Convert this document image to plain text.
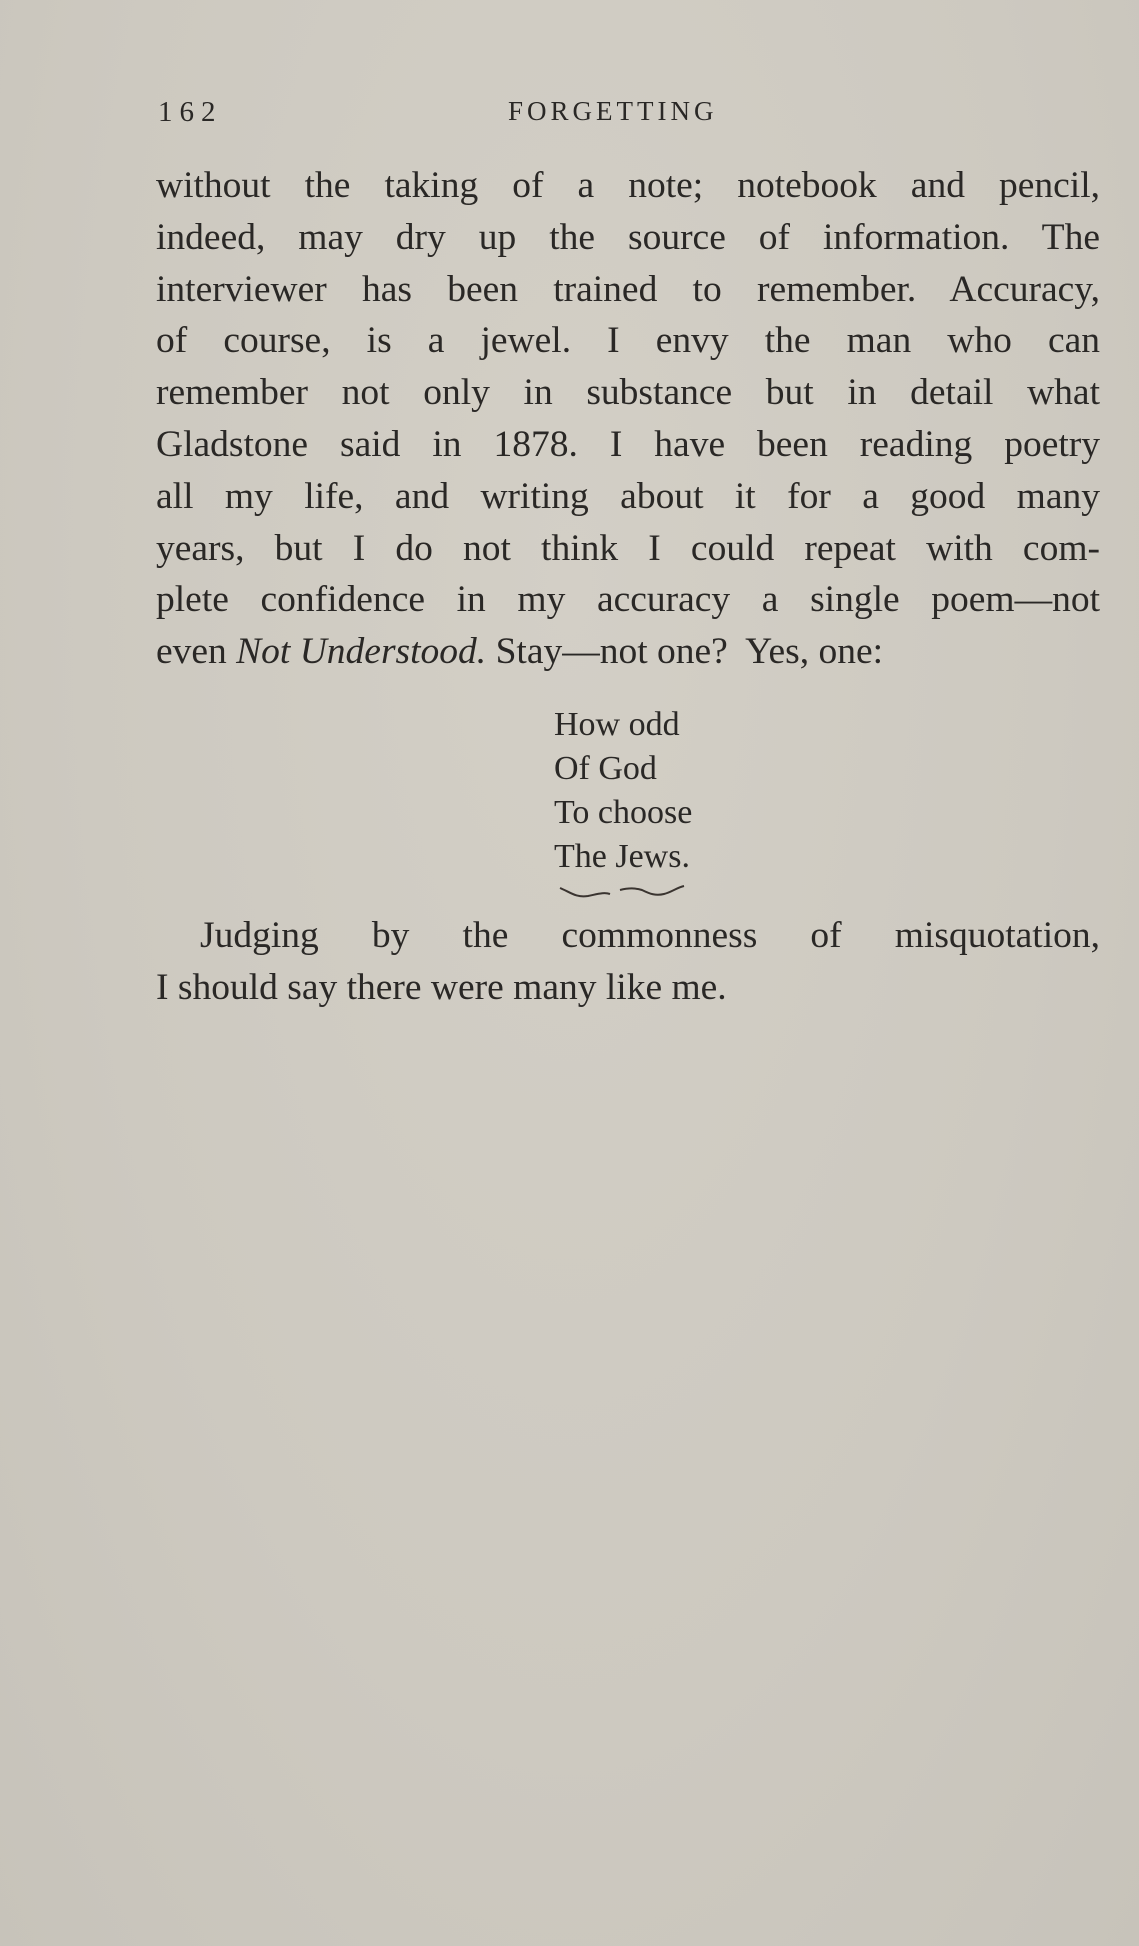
162	FORGETTING

without the taking of a note; notebook and pencil,
indeed, may dry up the source of information. The
interviewer has been trained to remember. Accuracy,
of course, is a jewel. I envy the man who can
remember not only in substance but in detail what
Gladstone said in 1878. I have been reading poetry
all my life, and writing about it for a good many
years, but I do not think I could repeat with com-
plete confidence in my accuracy a single poem—not
even Not Understood. Stay—not one?  Yes, one:

How odd
Of God
To choose
The Jews.

Judging by the commonness of misquotation,
I should say there were many like me.
